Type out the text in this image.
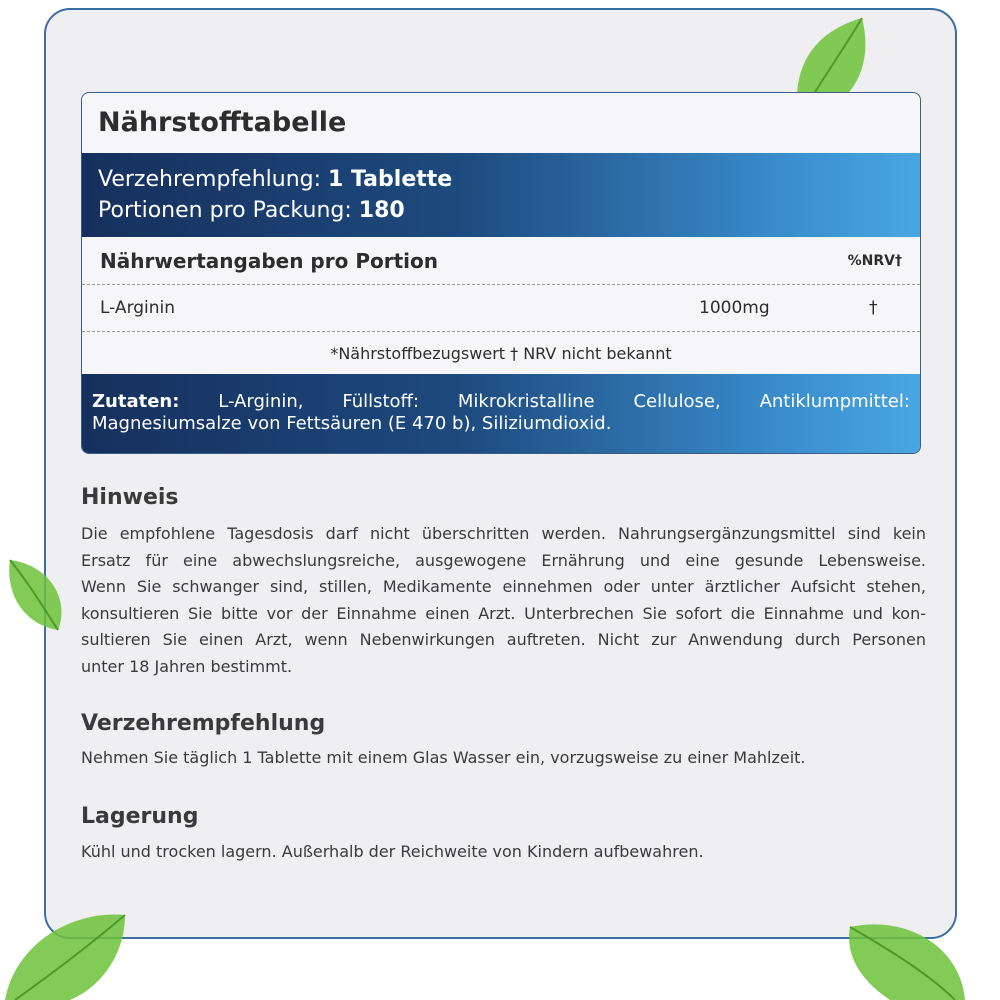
Nährstofftabelle
Verzehrempfehlung: 1 Tablette
Portionen pro Packung: 180
Nährwertangaben pro Portion	%NRV†
L-Arginin	1000mg	†
*Nährstoffbezugswert † NRV nicht bekannt
Zutaten: L-Arginin, Füllstoff: Mikrokristalline Cellulose, Antiklumpmittel:
Magnesiumsalze von Fettsäuren (E 470 b), Siliziumdioxid.
Hinweis
Die empfohlene Tagesdosis darf nicht überschritten werden. Nahrungsergänzungsmittel sind kein
Ersatz für eine abwechslungsreiche, ausgewogene Ernährung und eine gesunde Lebensweise.
Wenn Sie schwanger sind, stillen, Medikamente einnehmen oder unter ärztlicher Aufsicht stehen,
konsultieren Sie bitte vor der Einnahme einen Arzt. Unterbrechen Sie sofort die Einnahme und kon-
sultieren Sie einen Arzt, wenn Nebenwirkungen auftreten. Nicht zur Anwendung durch Personen
unter 18 Jahren bestimmt.
Verzehrempfehlung
Nehmen Sie täglich 1 Tablette mit einem Glas Wasser ein, vorzugsweise zu einer Mahlzeit.
Lagerung
Kühl und trocken lagern. Außerhalb der Reichweite von Kindern aufbewahren.
